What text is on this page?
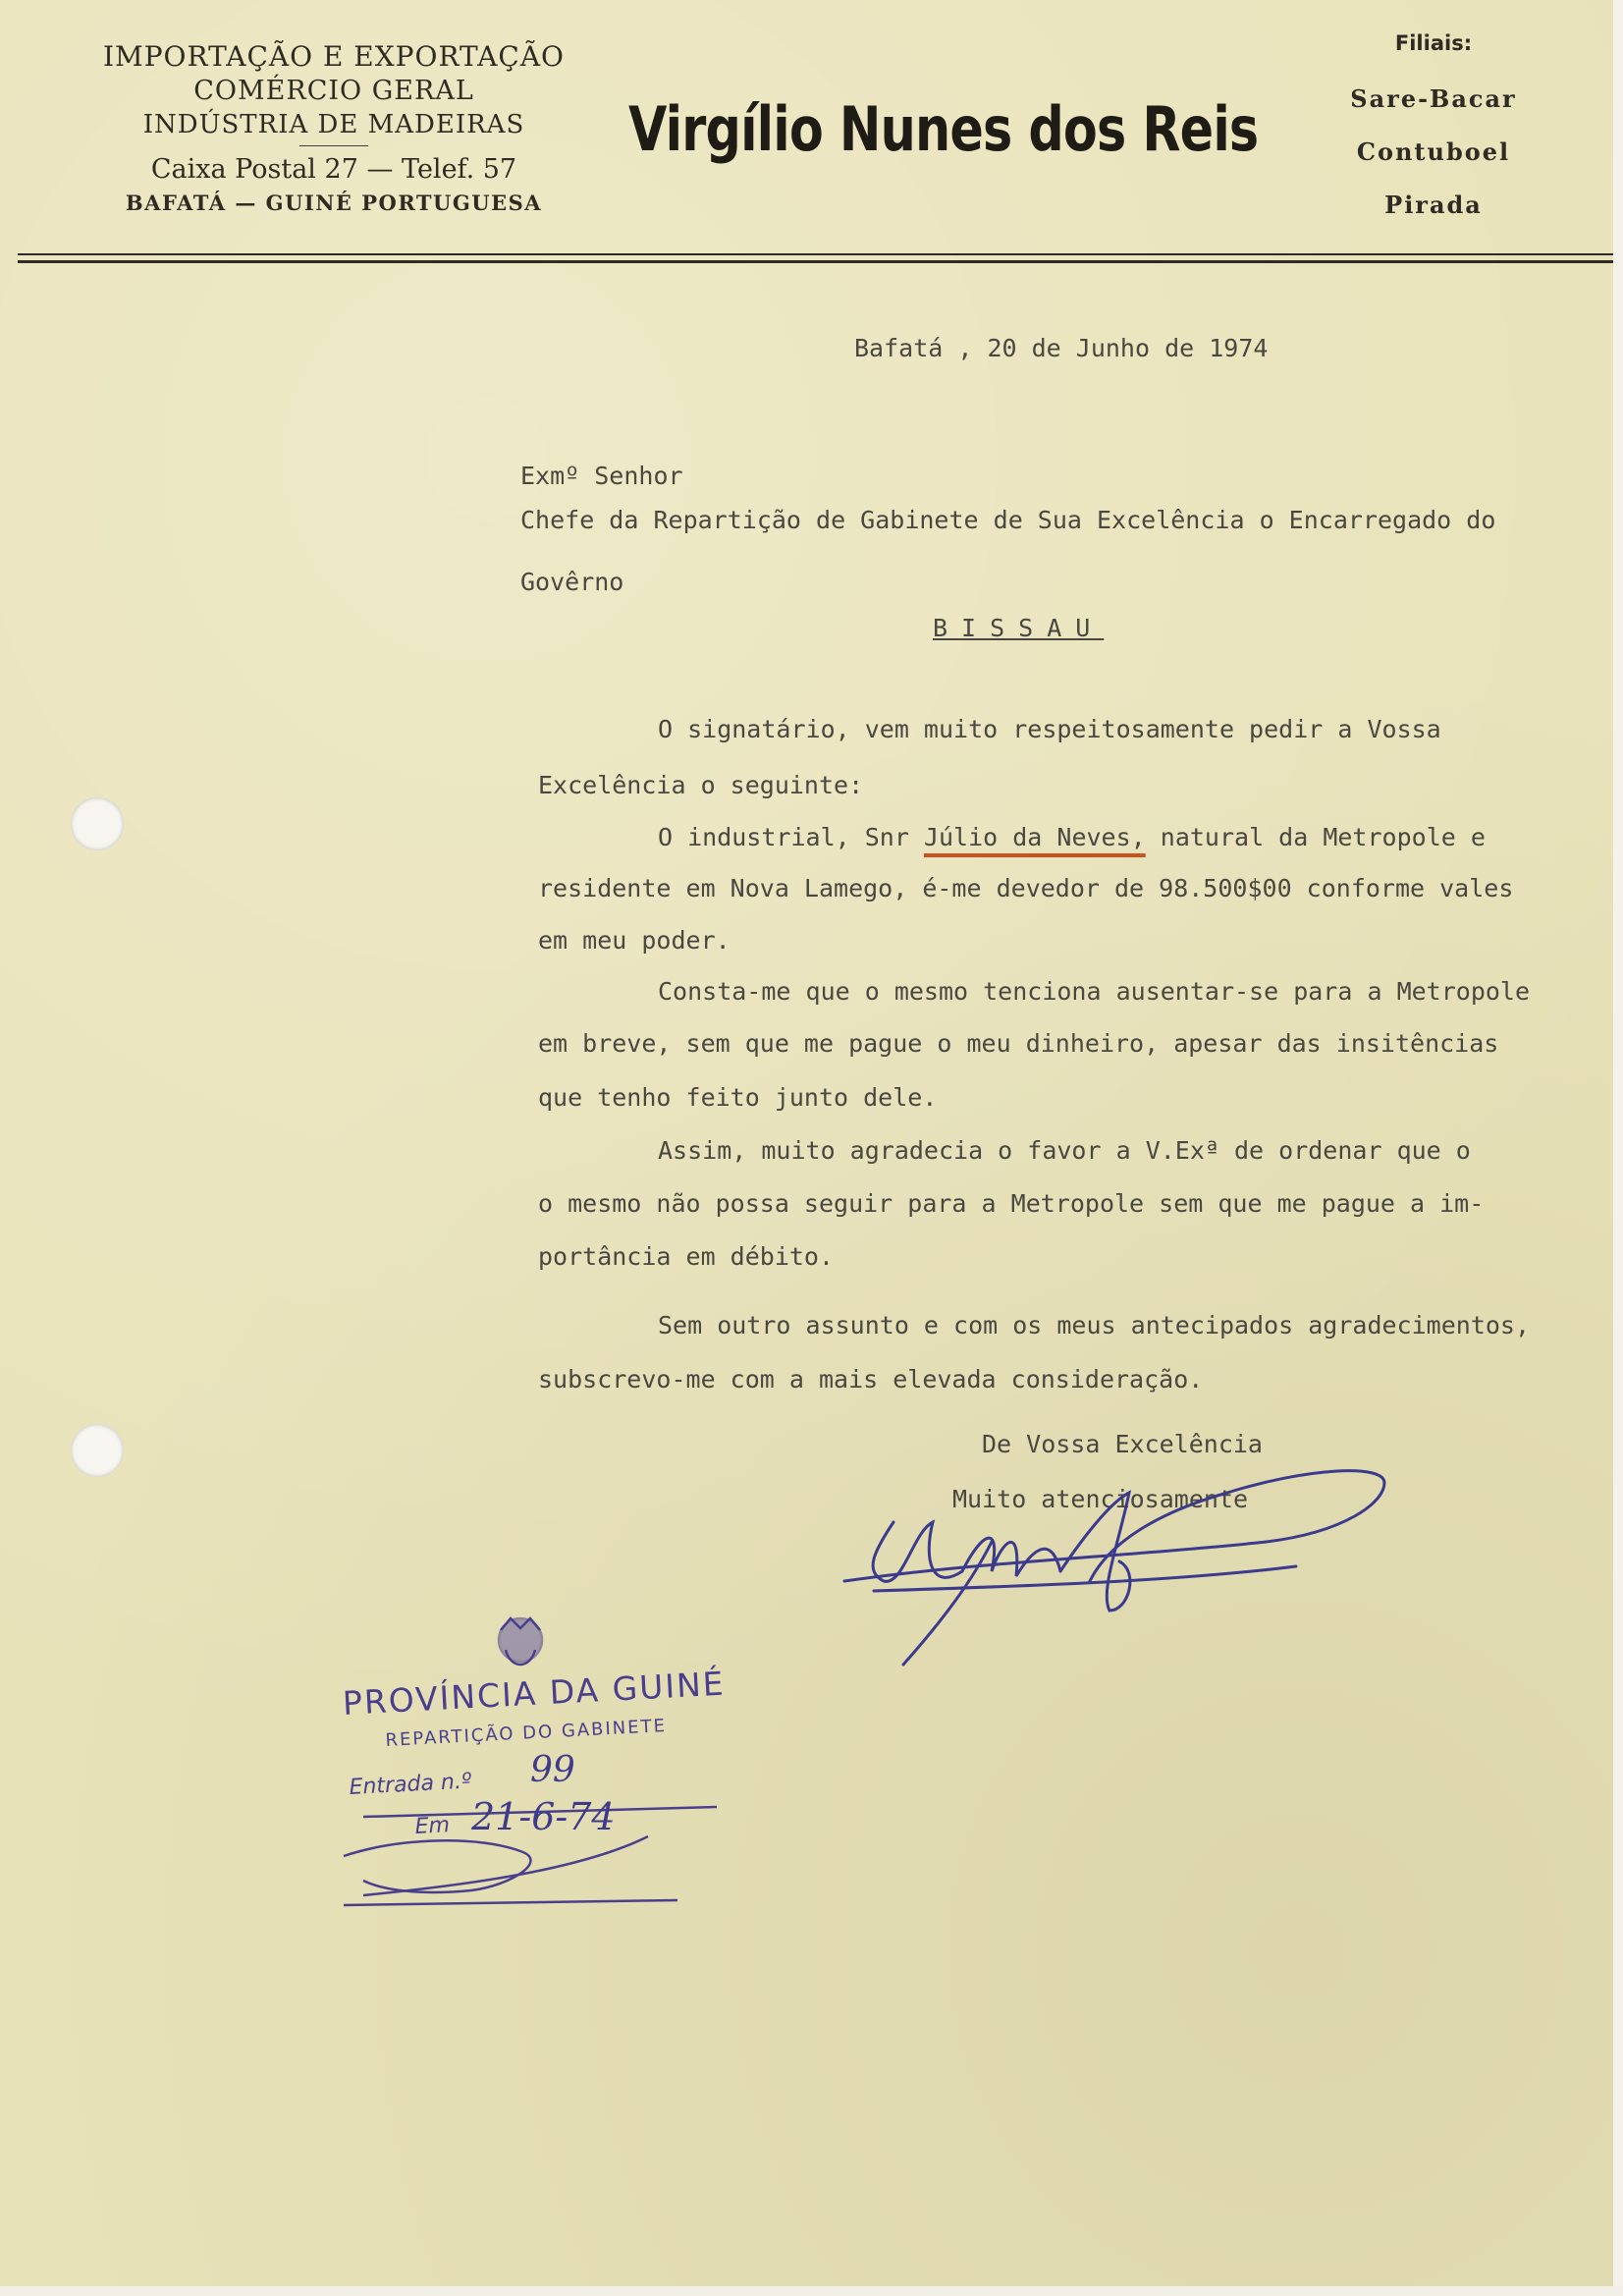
IMPORTAÇÃO E EXPORTAÇÃO
COMÉRCIO GERAL
INDÚSTRIA DE MADEIRAS
Caixa Postal 27 — Telef. 57
BAFATÁ — GUINÉ PORTUGUESA
Virgílio Nunes dos Reis
Filiais:
Sare-Bacar
Contuboel
Pirada
Bafatá , 20 de Junho de 1974
Exmº Senhor
Chefe da Repartição de Gabinete de Sua Excelência o Encarregado do
Govêrno
BISSAU
O signatário, vem muito respeitosamente pedir a Vossa
Excelência o seguinte:
O industrial, Snr Júlio da Neves, natural da Metropole e
residente em Nova Lamego, é-me devedor de 98.500$00 conforme vales
em meu poder.
Consta-me que o mesmo tenciona ausentar-se para a Metropole
em breve, sem que me pague o meu dinheiro, apesar das insitências
que tenho feito junto dele.
Assim, muito agradecia o favor a V.Exª de ordenar que o
o mesmo não possa seguir para a Metropole sem que me pague a im-
portância em débito.
Sem outro assunto e com os meus antecipados agradecimentos,
subscrevo-me com a mais elevada consideração.
De Vossa Excelência
Muito atenciosamente
PROVÍNCIA DA GUINÉ
REPARTIÇÃO DO GABINETE
Entrada n.º 99
Em 21-6-74
